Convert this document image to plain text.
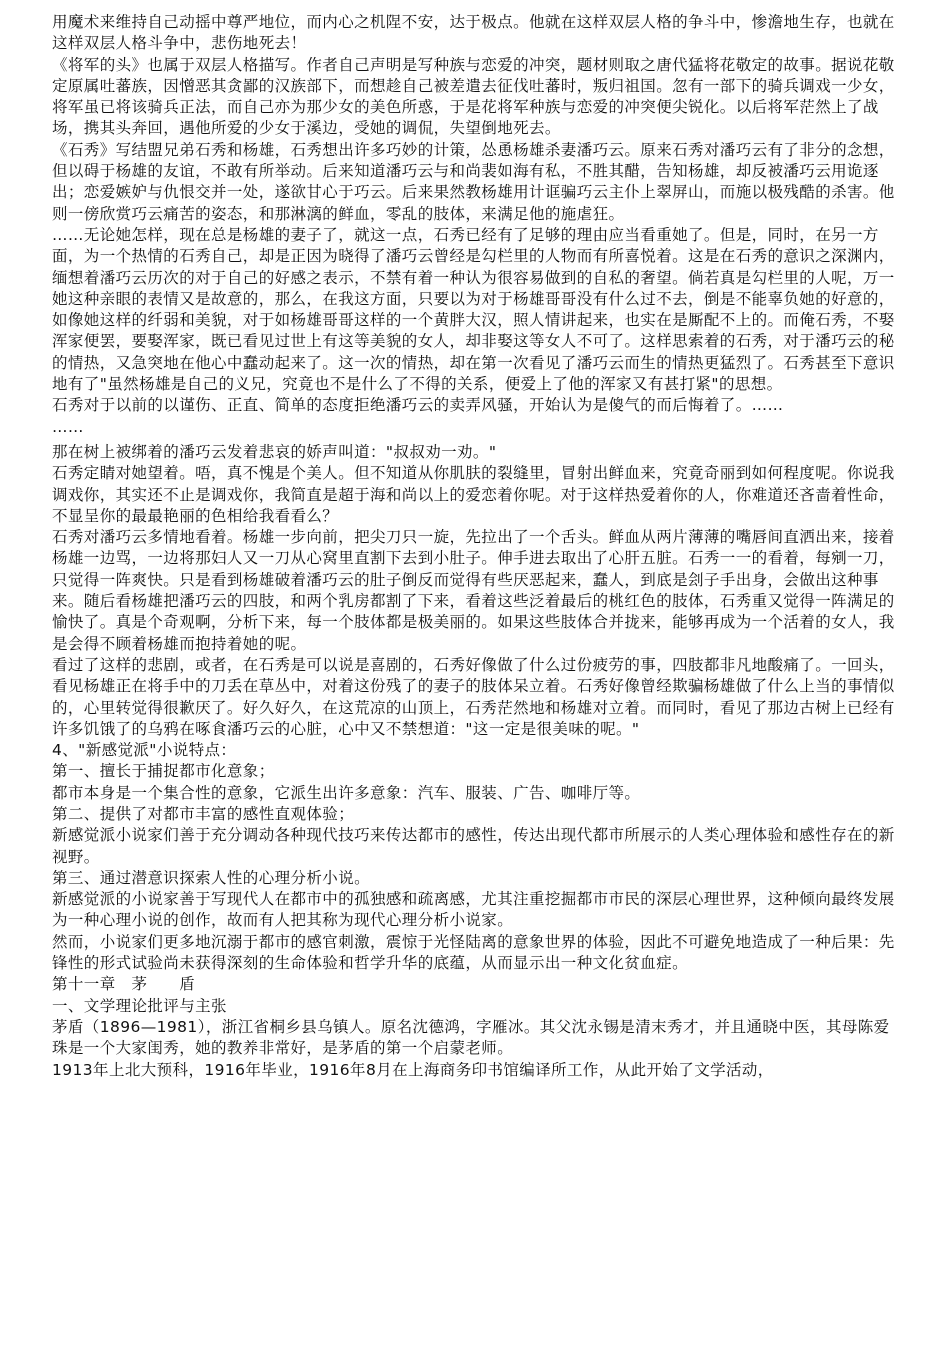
用魔术来维持自己动摇中尊严地位，而内心之机陧不安，达于极点。他就在这样双层人格的争斗中，惨澹地生存，也就在这样双层人格斗争中，悲伤地死去！

《将军的头》也属于双层人格描写。作者自己声明是写种族与恋爱的冲突，题材则取之唐代猛将花敬定的故事。据说花敬定原属吐蕃族，因憎恶其贪鄙的汉族部下，而想趁自己被差遣去征伐吐蕃时，叛归祖国。忽有一部下的骑兵调戏一少女，将军虽已将该骑兵正法，而自己亦为那少女的美色所惑，于是花将军种族与恋爱的冲突便尖锐化。以后将军茫然上了战场，携其头奔回，遇他所爱的少女于溪边，受她的调侃，失望倒地死去。

《石秀》写结盟兄弟石秀和杨雄，石秀想出许多巧妙的计策，怂恿杨雄杀妻潘巧云。原来石秀对潘巧云有了非分的念想，但以碍于杨雄的友谊，不敢有所举动。后来知道潘巧云与和尚裴如海有私，不胜其醋，告知杨雄，却反被潘巧云用诡逐出；恋爱嫉妒与仇恨交并一处，遂欲甘心于巧云。后来果然教杨雄用计诓骗巧云主仆上翠屏山，而施以极残酷的杀害。他则一傍欣赏巧云痛苦的姿态，和那淋漓的鲜血，零乱的肢体，来满足他的施虐狂。

……无论她怎样，现在总是杨雄的妻子了，就这一点，石秀已经有了足够的理由应当看重她了。但是，同时，在另一方面，为一个热情的石秀自己，却是正因为晓得了潘巧云曾经是勾栏里的人物而有所喜悦着。这是在石秀的意识之深渊内，缅想着潘巧云历次的对于自己的好感之表示，不禁有着一种认为很容易做到的自私的奢望。倘若真是勾栏里的人呢，万一她这种亲眼的表情又是故意的，那么，在我这方面，只要以为对于杨雄哥哥没有什么过不去，倒是不能辜负她的好意的，如像她这样的纤弱和美貌，对于如杨雄哥哥这样的一个黄胖大汉，照人情讲起来，也实在是厮配不上的。而俺石秀，不娶浑家便罢，要娶浑家，既已看见过世上有这等美貌的女人，却非娶这等女人不可了。这样思索着的石秀，对于潘巧云的秘的情热，又急突地在他心中蠢动起来了。这一次的情热，却在第一次看见了潘巧云而生的情热更猛烈了。石秀甚至下意识地有了"虽然杨雄是自己的义兄，究竟也不是什么了不得的关系，便爱上了他的浑家又有甚打紧"的思想。

石秀对于以前的以谨伤、正直、简单的态度拒绝潘巧云的卖弄风骚，开始认为是傻气的而后悔着了。……

……

那在树上被绑着的潘巧云发着悲哀的娇声叫道："叔叔劝一劝。"

石秀定睛对她望着。唔，真不愧是个美人。但不知道从你肌肤的裂缝里，冒射出鲜血来，究竟奇丽到如何程度呢。你说我调戏你，其实还不止是调戏你，我简直是超于海和尚以上的爱恋着你呢。对于这样热爱着你的人，你难道还吝啬着性命，不显呈你的最最艳丽的色相给我看看么？

石秀对潘巧云多情地看着。杨雄一步向前，把尖刀只一旋，先拉出了一个舌头。鲜血从两片薄薄的嘴唇间直洒出来，接着杨雄一边骂，一边将那妇人又一刀从心窝里直割下去到小肚子。伸手进去取出了心肝五脏。石秀一一的看着，每剜一刀，只觉得一阵爽快。只是看到杨雄破着潘巧云的肚子倒反而觉得有些厌恶起来，蠢人，到底是刽子手出身，会做出这种事来。随后看杨雄把潘巧云的四肢，和两个乳房都割了下来，看着这些泛着最后的桃红色的肢体，石秀重又觉得一阵满足的愉快了。真是个奇观啊，分析下来，每一个肢体都是极美丽的。如果这些肢体合并拢来，能够再成为一个活着的女人，我是会得不顾着杨雄而抱持着她的呢。

看过了这样的悲剧，或者，在石秀是可以说是喜剧的，石秀好像做了什么过份疲劳的事，四肢都非凡地酸痛了。一回头，看见杨雄正在将手中的刀丢在草丛中，对着这份残了的妻子的肢体呆立着。石秀好像曾经欺骗杨雄做了什么上当的事情似的，心里转觉得很歉厌了。好久好久，在这荒凉的山顶上，石秀茫然地和杨雄对立着。而同时，看见了那边古树上已经有许多饥饿了的乌鸦在啄食潘巧云的心脏，心中又不禁想道："这一定是很美味的呢。"

4、"新感觉派"小说特点：

第一、擅长于捕捉都市化意象；

都市本身是一个集合性的意象，它派生出许多意象：汽车、服装、广告、咖啡厅等。

第二、提供了对都市丰富的感性直观体验；

新感觉派小说家们善于充分调动各种现代技巧来传达都市的感性，传达出现代都市所展示的人类心理体验和感性存在的新视野。

第三、通过潜意识探索人性的心理分析小说。

新感觉派的小说家善于写现代人在都市中的孤独感和疏离感，尤其注重挖掘都市市民的深层心理世界，这种倾向最终发展为一种心理小说的创作，故而有人把其称为现代心理分析小说家。

然而，小说家们更多地沉溺于都市的感官刺激，震惊于光怪陆离的意象世界的体验，因此不可避免地造成了一种后果：先锋性的形式试验尚未获得深刻的生命体验和哲学升华的底蕴，从而显示出一种文化贫血症。

第十一章　茅　　盾

一、文学理论批评与主张

茅盾（1896—1981），浙江省桐乡县乌镇人。原名沈德鸿，字雁冰。其父沈永锡是清末秀才，并且通晓中医，其母陈爱珠是一个大家闺秀，她的教养非常好，是茅盾的第一个启蒙老师。

1913年上北大预科，1916年毕业，1916年8月在上海商务印书馆编译所工作，从此开始了文学活动，
